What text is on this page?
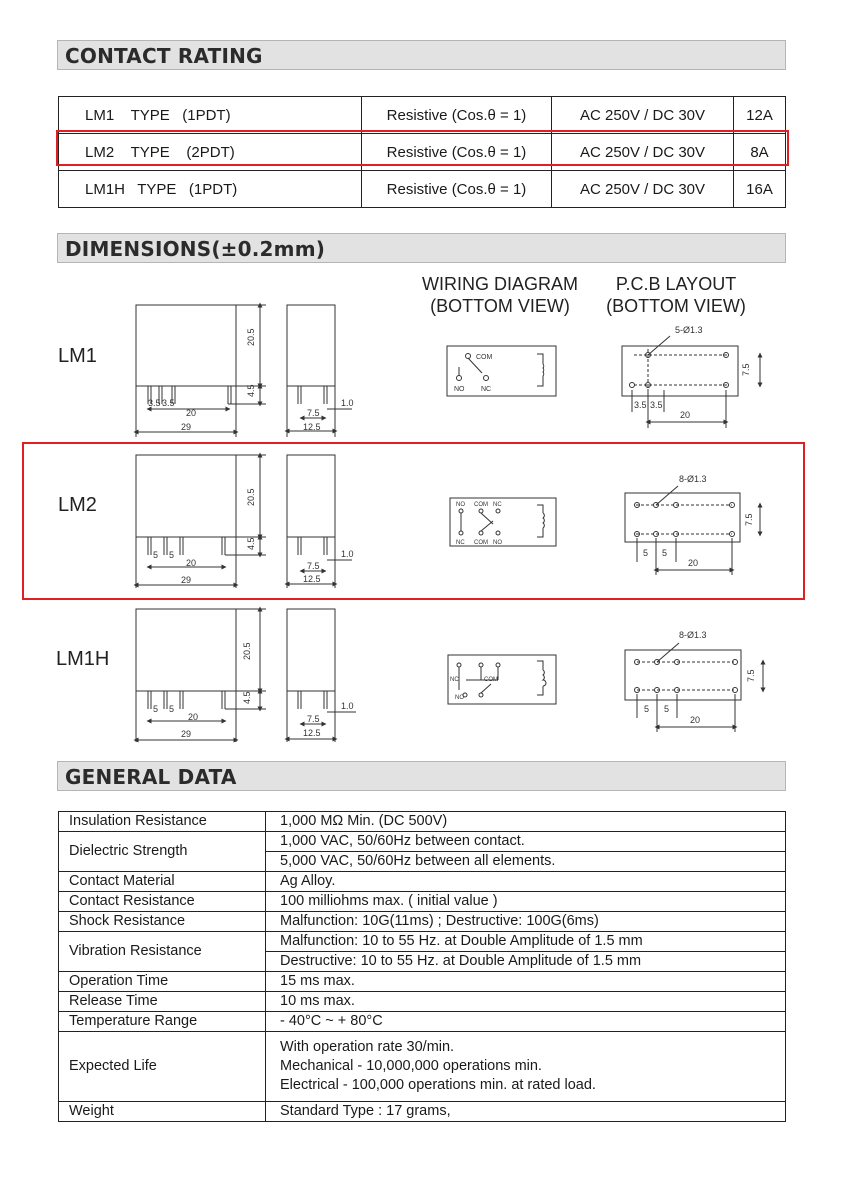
CONTACT RATING
LM1    TYPE   (1PDT)	Resistive (Cos.θ = 1)	AC 250V / DC 30V	12A
LM2    TYPE    (2PDT)	Resistive (Cos.θ = 1)	AC 250V / DC 30V	8A
LM1H   TYPE   (1PDT)	Resistive (Cos.θ = 1)	AC 250V / DC 30V	16A
DIMENSIONS(±0.2mm)
WIRING DIAGRAM
(BOTTOM VIEW)
P.C.B LAYOUT
(BOTTOM VIEW)
LM1
LM2
LM1H
20.5
4.5
3.5 3.5
20
29
7.5
12.5
1.0
COM
NO NC
5-Ø1.3
7.5
3.5 3.5
20
20.5
4.5
5 5
20
29
7.5
12.5
1.0
NO COM NC
NC COM NO
8-Ø1.3
7.5
5 5
20
20.5
4.5
5 5
20
29
7.5
12.5
1.0
NC
NO
COM
8-Ø1.3
7.5
5 5
20
GENERAL DATA
Insulation Resistance	1,000 MΩ Min. (DC 500V)
Dielectric Strength	1,000 VAC, 50/60Hz between contact.
	5,000 VAC, 50/60Hz between all elements.
Contact Material	Ag Alloy.
Contact Resistance	100 milliohms max. ( initial value )
Shock Resistance	Malfunction: 10G(11ms) ; Destructive: 100G(6ms)
Vibration Resistance	Malfunction: 10 to 55 Hz. at Double Amplitude of 1.5 mm
	Destructive: 10 to 55 Hz. at Double Amplitude of 1.5 mm
Operation Time	15 ms max.
Release Time	10 ms max.
Temperature Range	- 40°C ~ + 80°C
Expected Life	With operation rate 30/min.
Mechanical - 10,000,000 operations min.
Electrical - 100,000 operations min. at rated load.

Weight	Standard Type : 17 grams,
